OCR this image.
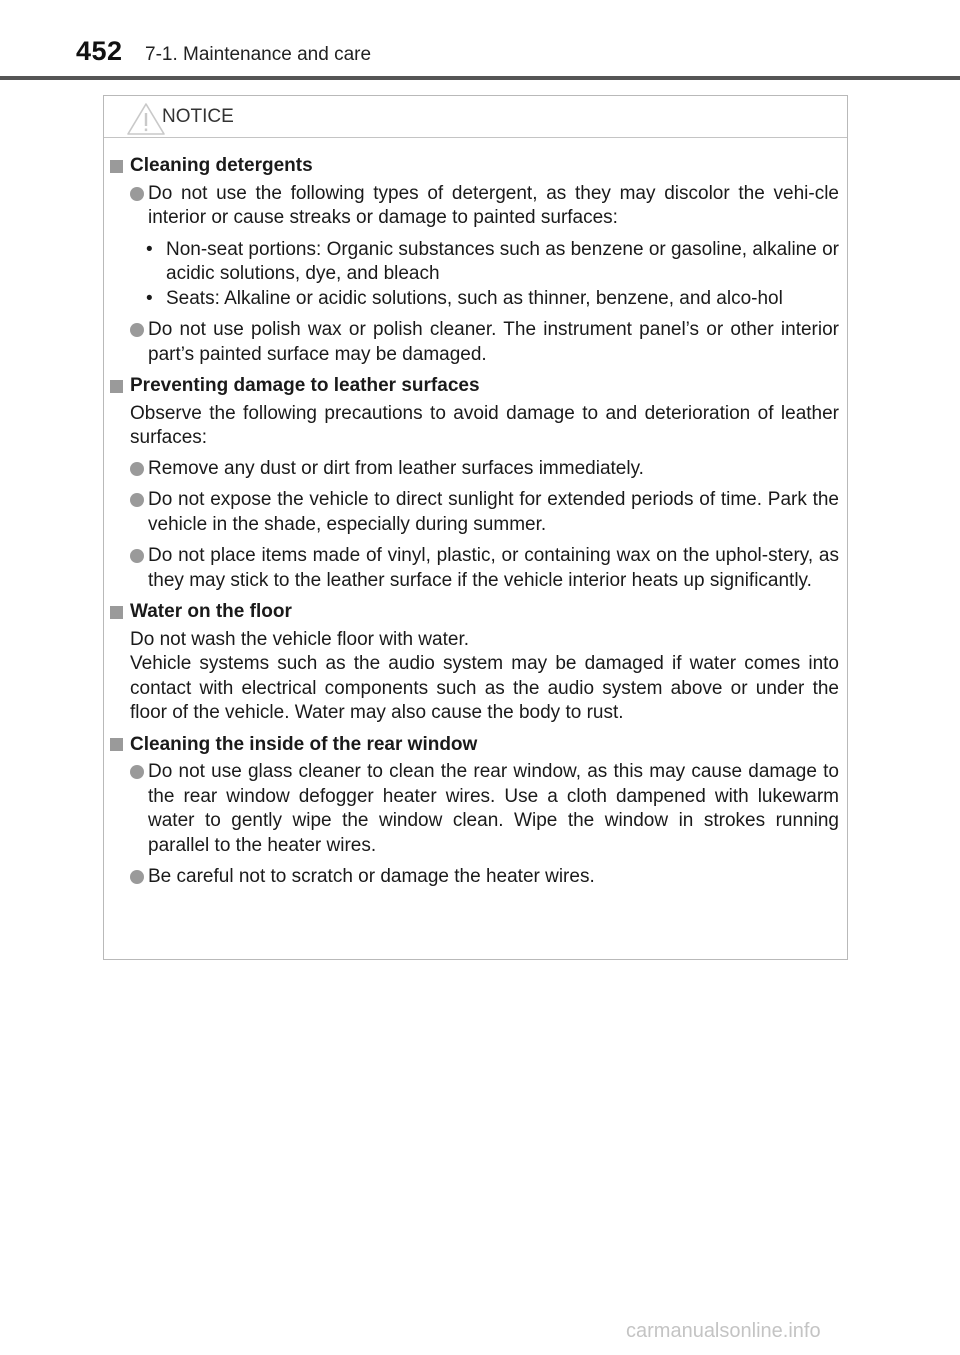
452 7-1. Maintenance and care
NOTICE
Cleaning detergents
Do not use the following types of detergent, as they may discolor the vehi-cle interior or cause streaks or damage to painted surfaces:
• Non-seat portions: Organic substances such as benzene or gasoline, alkaline or acidic solutions, dye, and bleach
• Seats: Alkaline or acidic solutions, such as thinner, benzene, and alco-hol
Do not use polish wax or polish cleaner. The instrument panel’s or other interior part’s painted surface may be damaged.
Preventing damage to leather surfaces
Observe the following precautions to avoid damage to and deterioration of leather surfaces:
Remove any dust or dirt from leather surfaces immediately.
Do not expose the vehicle to direct sunlight for extended periods of time. Park the vehicle in the shade, especially during summer.
Do not place items made of vinyl, plastic, or containing wax on the uphol-stery, as they may stick to the leather surface if the vehicle interior heats up significantly.
Water on the floor
Do not wash the vehicle floor with water.
Vehicle systems such as the audio system may be damaged if water comes into contact with electrical components such as the audio system above or under the floor of the vehicle. Water may also cause the body to rust.
Cleaning the inside of the rear window
Do not use glass cleaner to clean the rear window, as this may cause damage to the rear window defogger heater wires. Use a cloth dampened with lukewarm water to gently wipe the window clean. Wipe the window in strokes running parallel to the heater wires.
Be careful not to scratch or damage the heater wires.
carmanualsonline.info
